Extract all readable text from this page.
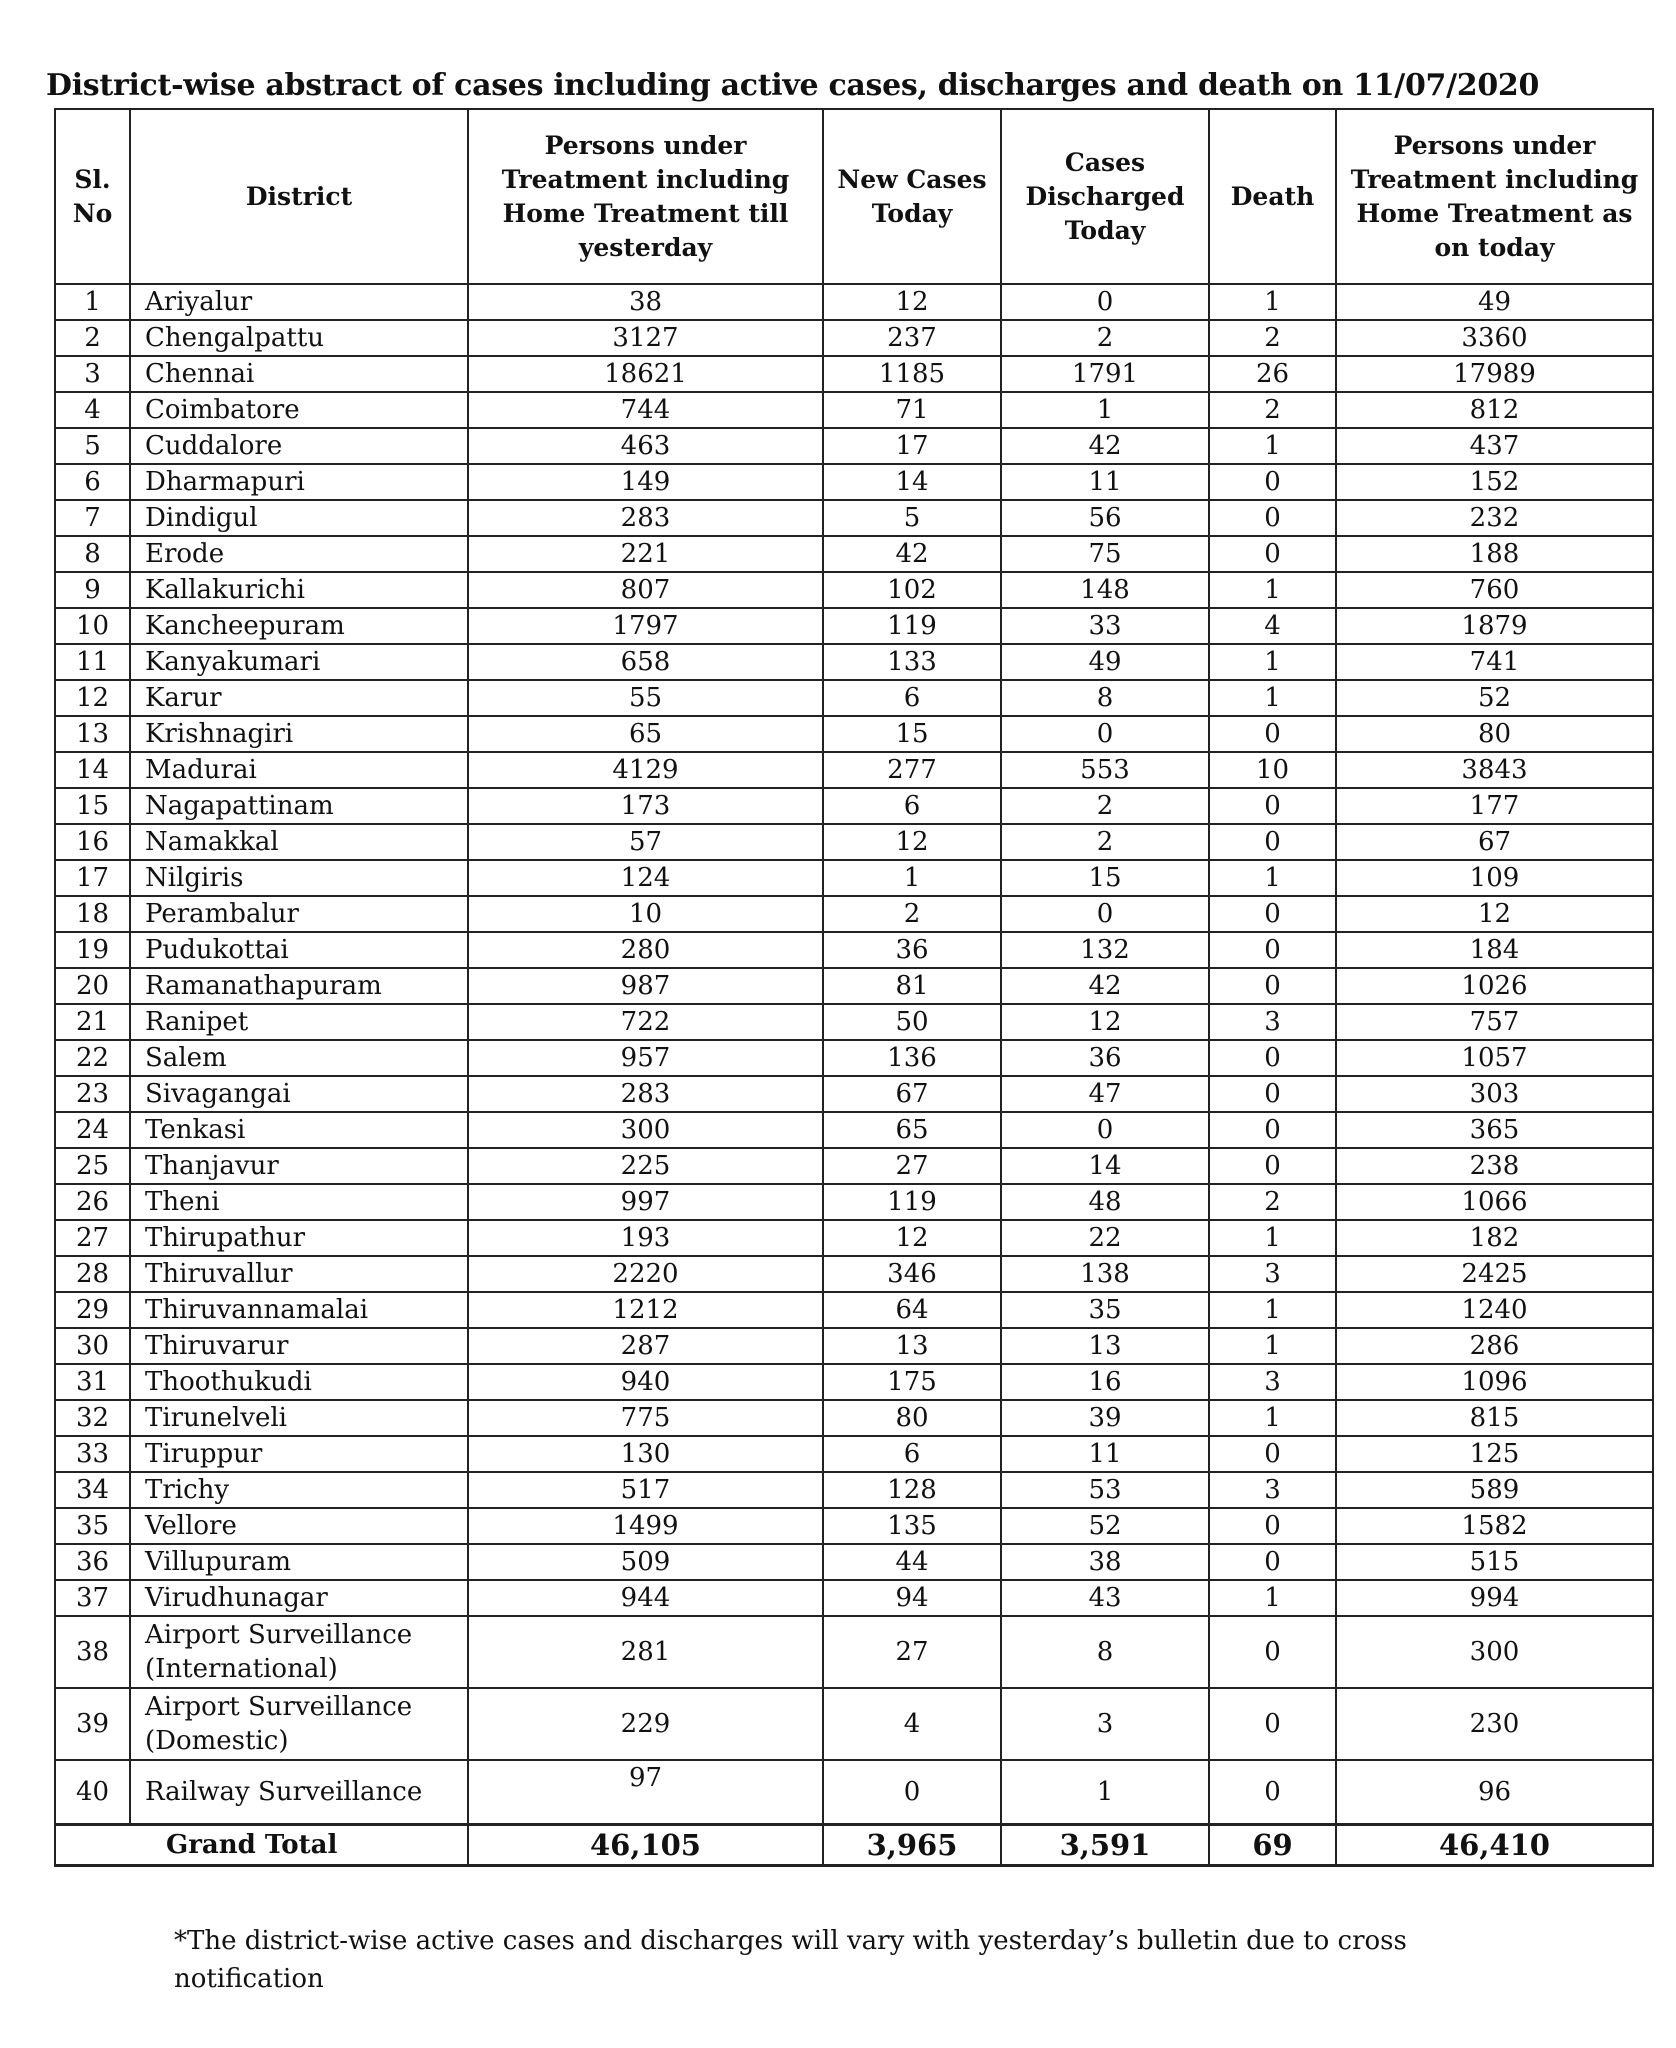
District-wise abstract of cases including active cases, discharges and death on 11/07/2020
Sl. No	District	Persons under Treatment including Home Treatment till yesterday	New Cases Today	Cases Discharged Today	Death	Persons under Treatment including Home Treatment as on today
1	Ariyalur	38	12	0	1	49
2	Chengalpattu	3127	237	2	2	3360
3	Chennai	18621	1185	1791	26	17989
4	Coimbatore	744	71	1	2	812
5	Cuddalore	463	17	42	1	437
6	Dharmapuri	149	14	11	0	152
7	Dindigul	283	5	56	0	232
8	Erode	221	42	75	0	188
9	Kallakurichi	807	102	148	1	760
10	Kancheepuram	1797	119	33	4	1879
11	Kanyakumari	658	133	49	1	741
12	Karur	55	6	8	1	52
13	Krishnagiri	65	15	0	0	80
14	Madurai	4129	277	553	10	3843
15	Nagapattinam	173	6	2	0	177
16	Namakkal	57	12	2	0	67
17	Nilgiris	124	1	15	1	109
18	Perambalur	10	2	0	0	12
19	Pudukottai	280	36	132	0	184
20	Ramanathapuram	987	81	42	0	1026
21	Ranipet	722	50	12	3	757
22	Salem	957	136	36	0	1057
23	Sivagangai	283	67	47	0	303
24	Tenkasi	300	65	0	0	365
25	Thanjavur	225	27	14	0	238
26	Theni	997	119	48	2	1066
27	Thirupathur	193	12	22	1	182
28	Thiruvallur	2220	346	138	3	2425
29	Thiruvannamalai	1212	64	35	1	1240
30	Thiruvarur	287	13	13	1	286
31	Thoothukudi	940	175	16	3	1096
32	Tirunelveli	775	80	39	1	815
33	Tiruppur	130	6	11	0	125
34	Trichy	517	128	53	3	589
35	Vellore	1499	135	52	0	1582
36	Villupuram	509	44	38	0	515
37	Virudhunagar	944	94	43	1	994
38	Airport Surveillance (International)	281	27	8	0	300
39	Airport Surveillance (Domestic)	229	4	3	0	230
40	Railway Surveillance	97	0	1	0	96
Grand Total		46,105	3,965	3,591	69	46,410
*The district-wise active cases and discharges will vary with yesterday’s bulletin due to cross notification
